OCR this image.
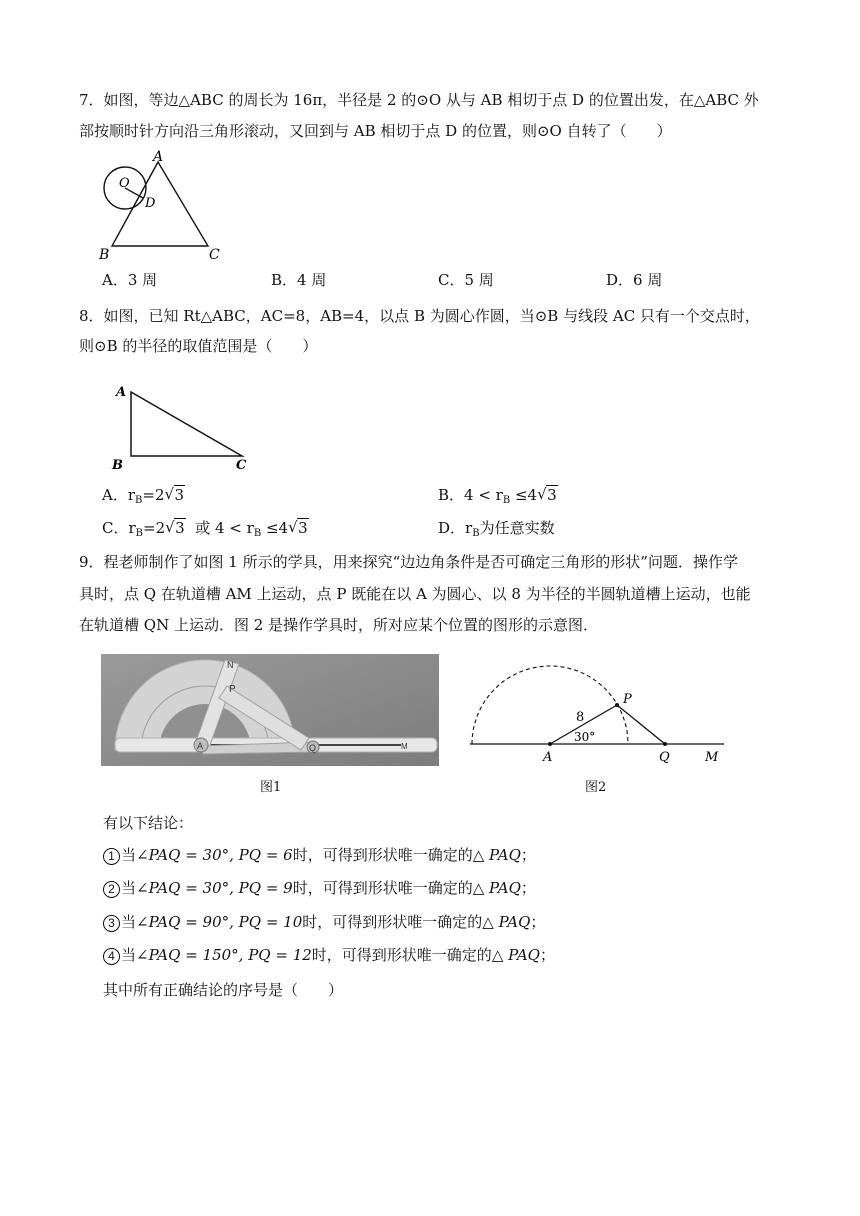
7．如图，等边△ABC 的周长为 16π，半径是 2 的⊙O 从与 AB 相切于点 D 的位置出发，在△ABC 外
部按顺时针方向沿三角形滚动，又回到与 AB 相切于点 D 的位置，则⊙O 自转了（　　）
A
O
D
B	C
A．3 周	B．4 周	C．5 周	D．6 周
8．如图，已知 Rt△ABC，AC=8，AB=4，以点 B 为圆心作圆，当⊙B 与线段 AC 只有一个交点时，
则⊙B 的半径的取值范围是（　　）
A
B	C
A．$r_B=2√$ 3	B．$4 < r_B \le 4√$ 3
C．$r_B=2√$ 3  或 $4 < r_B \le 4√$ 3	D．$r_B$为任意实数
9．程老师制作了如图 1 所示的学具，用来探究“边边角条件是否可确定三角形的形状”问题．操作学
具时，点 Q 在轨道槽 AM 上运动，点 P 既能在以 A 为圆心、以 8 为半径的半圆轨道槽上运动，也能
在轨道槽 QN 上运动．图 2 是操作学具时，所对应某个位置的图形的示意图．
N
P
A	Q	M
图1
P
8
30°
A	Q	M
图2
有以下结论：
1 当∠PAQ = 30°, PQ = 6时，可得到形状唯一确定的△ PAQ；
2 当∠PAQ = 30°, PQ = 9时，可得到形状唯一确定的△ PAQ；
3 当∠PAQ = 90°, PQ = 10时，可得到形状唯一确定的△ PAQ；
4 当∠PAQ = 150°, PQ = 12时，可得到形状唯一确定的△ PAQ；
其中所有正确结论的序号是（　　）
